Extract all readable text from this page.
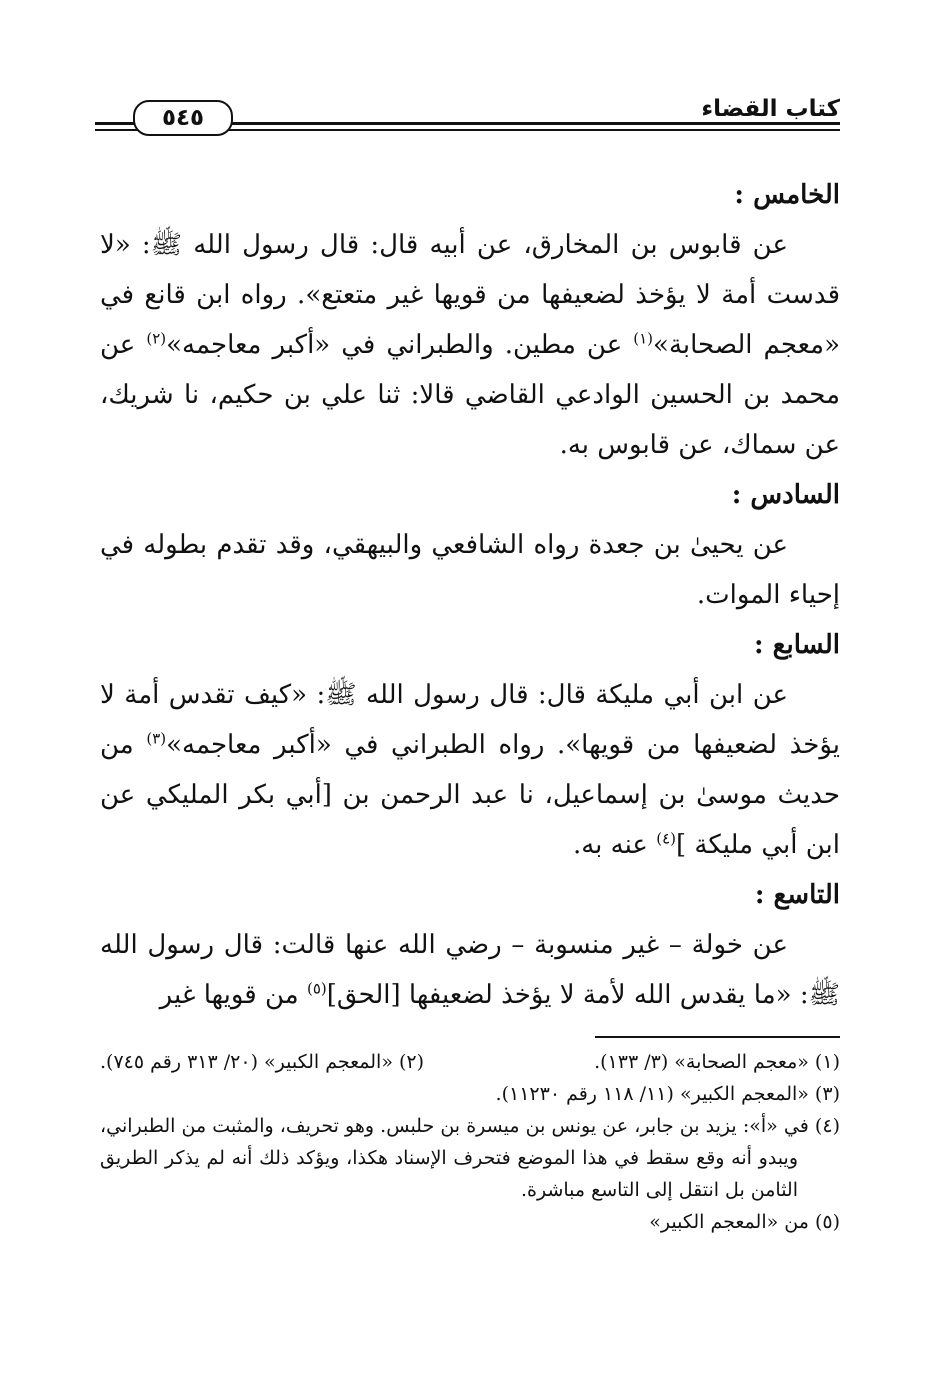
كتاب القضاء
٥٤٥
الخامس :

عن قابوس بن المخارق، عن أبيه قال: قال رسول الله ﷺ: «لا قدست أمة لا يؤخذ لضعيفها من قويها غير متعتع». رواه ابن قانع في «معجم الصحابة»$^{(١)}$ عن مطين. والطبراني في «أكبر معاجمه»$^{(٢)}$ عن محمد بن الحسين الوادعي القاضي قالا: ثنا علي بن حكيم، نا شريك، عن سماك، عن قابوس به.

السادس :

عن يحيىٰ بن جعدة رواه الشافعي والبيهقي، وقد تقدم بطوله في إحياء الموات.

السابع :

عن ابن أبي مليكة قال: قال رسول الله ﷺ: «كيف تقدس أمة لا يؤخذ لضعيفها من قويها». رواه الطبراني في «أكبر معاجمه»$^{(٣)}$ من حديث موسىٰ بن إسماعيل، نا عبد الرحمن بن [أبي بكر المليكي عن ابن أبي مليكة ]$^{(٤)}$ عنه به.

التاسع :

عن خولة – غير منسوبة – رضي الله عنها قالت: قال رسول الله ﷺ: «ما يقدس الله لأمة لا يؤخذ لضعيفها [الحق]$^{(٥)}$ من قويها غير

(١) «معجم الصحابة» (٣/ ١٣٣).
(٢) «المعجم الكبير» (٢٠/ ٣١٣ رقم ٧٤٥).
(٣) «المعجم الكبير» (١١/ ١١٨ رقم ١١٢٣٠).
(٤) في «أ»: يزيد بن جابر، عن يونس بن ميسرة بن حلبس. وهو تحريف، والمثبت من الطبراني، ويبدو أنه وقع سقط في هذا الموضع فتحرف الإسناد هكذا، ويؤكد ذلك أنه لم يذكر الطريق الثامن بل انتقل إلى التاسع مباشرة.
(٥) من «المعجم الكبير»
